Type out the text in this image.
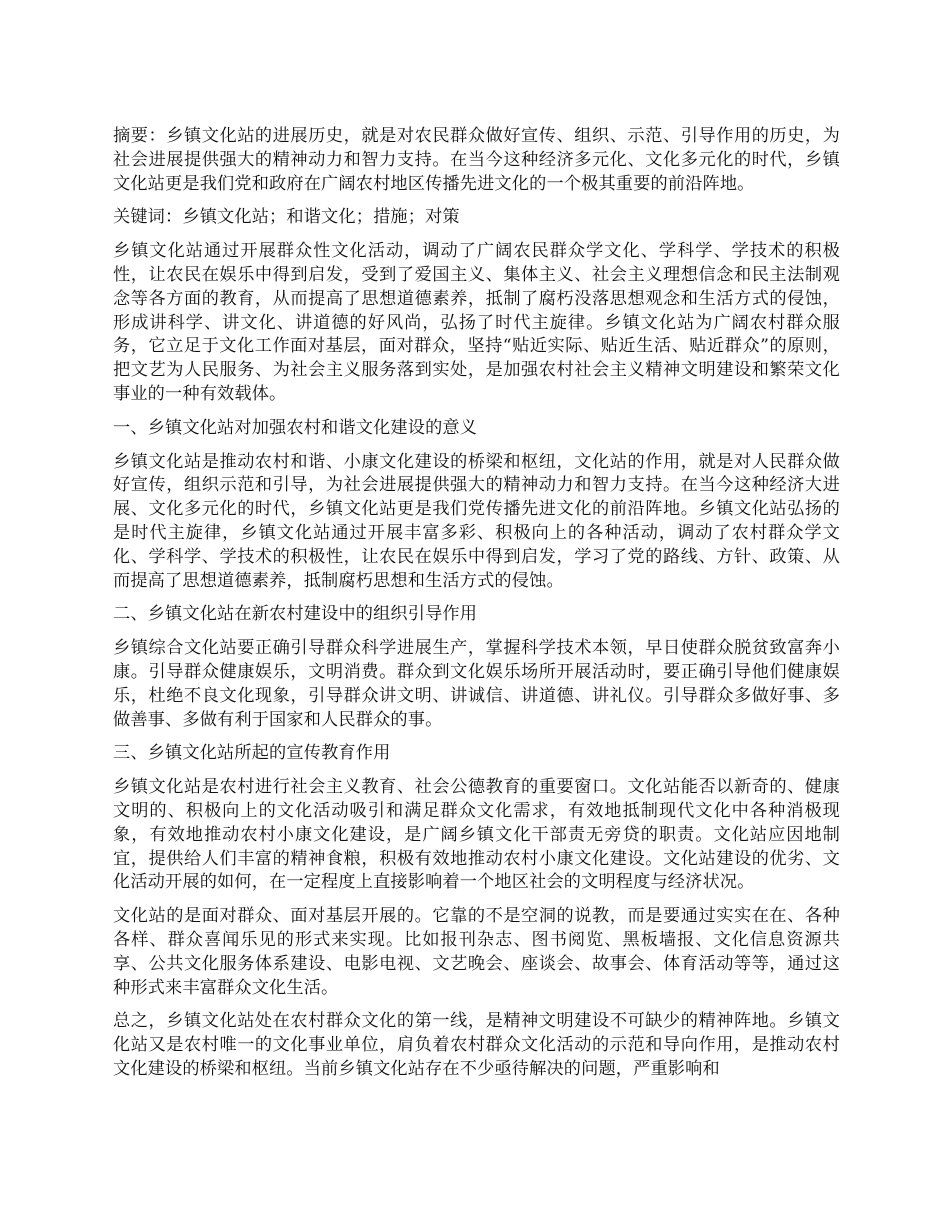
摘要：乡镇文化站的进展历史，就是对农民群众做好宣传、组织、示范、引导作用的历史，为社会进展提供强大的精神动力和智力支持。在当今这种经济多元化、文化多元化的时代，乡镇文化站更是我们党和政府在广阔农村地区传播先进文化的一个极其重要的前沿阵地。

关键词：乡镇文化站；和谐文化；措施；对策

乡镇文化站通过开展群众性文化活动，调动了广阔农民群众学文化、学科学、学技术的积极性，让农民在娱乐中得到启发，受到了爱国主义、集体主义、社会主义理想信念和民主法制观念等各方面的教育，从而提高了思想道德素养，抵制了腐朽没落思想观念和生活方式的侵蚀，形成讲科学、讲文化、讲道德的好风尚，弘扬了时代主旋律。乡镇文化站为广阔农村群众服务，它立足于文化工作面对基层，面对群众，坚持“贴近实际、贴近生活、贴近群众”的原则，把文艺为人民服务、为社会主义服务落到实处，是加强农村社会主义精神文明建设和繁荣文化事业的一种有效载体。

一、乡镇文化站对加强农村和谐文化建设的意义

乡镇文化站是推动农村和谐、小康文化建设的桥梁和枢纽，文化站的作用，就是对人民群众做好宣传，组织示范和引导，为社会进展提供强大的精神动力和智力支持。在当今这种经济大进展、文化多元化的时代，乡镇文化站更是我们党传播先进文化的前沿阵地。乡镇文化站弘扬的是时代主旋律，乡镇文化站通过开展丰富多彩、积极向上的各种活动，调动了农村群众学文化、学科学、学技术的积极性，让农民在娱乐中得到启发，学习了党的路线、方针、政策、从而提高了思想道德素养，抵制腐朽思想和生活方式的侵蚀。

二、乡镇文化站在新农村建设中的组织引导作用

乡镇综合文化站要正确引导群众科学进展生产，掌握科学技术本领，早日使群众脱贫致富奔小康。引导群众健康娱乐，文明消费。群众到文化娱乐场所开展活动时，要正确引导他们健康娱乐，杜绝不良文化现象，引导群众讲文明、讲诚信、讲道德、讲礼仪。引导群众多做好事、多做善事、多做有利于国家和人民群众的事。

三、乡镇文化站所起的宣传教育作用

乡镇文化站是农村进行社会主义教育、社会公德教育的重要窗口。文化站能否以新奇的、健康文明的、积极向上的文化活动吸引和满足群众文化需求，有效地抵制现代文化中各种消极现象，有效地推动农村小康文化建设，是广阔乡镇文化干部责无旁贷的职责。文化站应因地制宜，提供给人们丰富的精神食粮，积极有效地推动农村小康文化建设。文化站建设的优劣、文化活动开展的如何，在一定程度上直接影响着一个地区社会的文明程度与经济状况。

文化站的是面对群众、面对基层开展的。它靠的不是空洞的说教，而是要通过实实在在、各种各样、群众喜闻乐见的形式来实现。比如报刊杂志、图书阅览、黑板墙报、文化信息资源共享、公共文化服务体系建设、电影电视、文艺晚会、座谈会、故事会、体育活动等等，通过这种形式来丰富群众文化生活。

总之，乡镇文化站处在农村群众文化的第一线，是精神文明建设不可缺少的精神阵地。乡镇文化站又是农村唯一的文化事业单位，肩负着农村群众文化活动的示范和导向作用，是推动农村文化建设的桥梁和枢纽。当前乡镇文化站存在不少亟待解决的问题，严重影响和
